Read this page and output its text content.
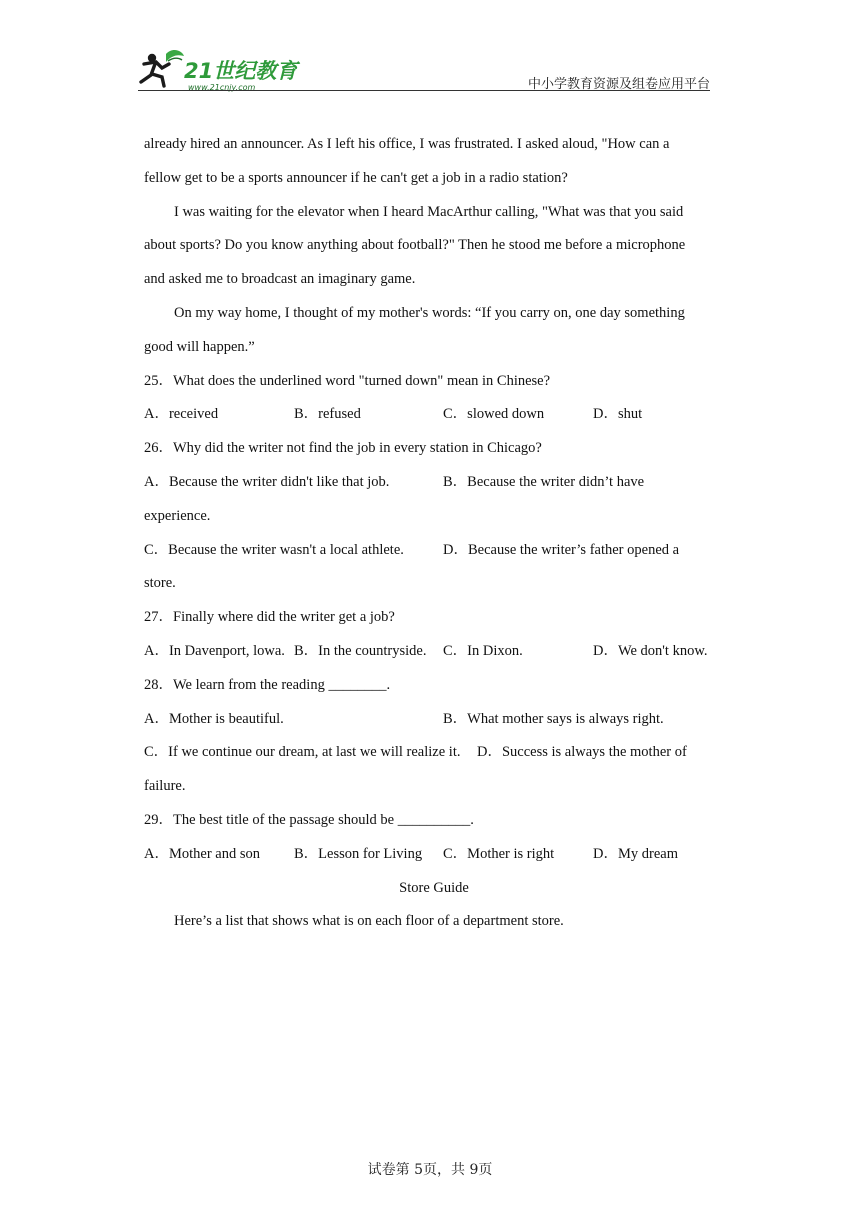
21世纪教育
www.21cnjy.com	中小学教育资源及组卷应用平台
already hired an announcer. As I left his office, I was frustrated. I asked aloud, "How can a
fellow get to be a sports announcer if he can't get a job in a radio station?
I was waiting for the elevator when I heard MacArthur calling, "What was that you said
about sports? Do you know anything about football?" Then he stood me before a microphone
and asked me to broadcast an imaginary game.
On my way home, I thought of my mother's words: “If you carry on, one day something
good will happen.”
25．What does the underlined word "turned down" mean in Chinese?
A．received	B．refused	C．slowed down	D．shut
26．Why did the writer not find the job in every station in Chicago?
A．Because the writer didn't like that job.	B．Because the writer didn’t have
experience.
C．Because the writer wasn't a local athlete.	D．Because the writer’s father opened a
store.
27．Finally where did the writer get a job?
A．In Davenport, lowa. B．In the countryside. C．In Dixon.	D．We don't know.
28．We learn from the reading ________.
A．Mother is beautiful.	B．What mother says is always right.
C．If we continue our dream, at last we will realize it. D．Success is always the mother of
failure.
29．The best title of the passage should be __________.
A．Mother and son B．Lesson for Living C．Mother is right	D．My dream
Store Guide
Here’s a list that shows what is on each floor of a department store.
试卷第 5页，共 9页
